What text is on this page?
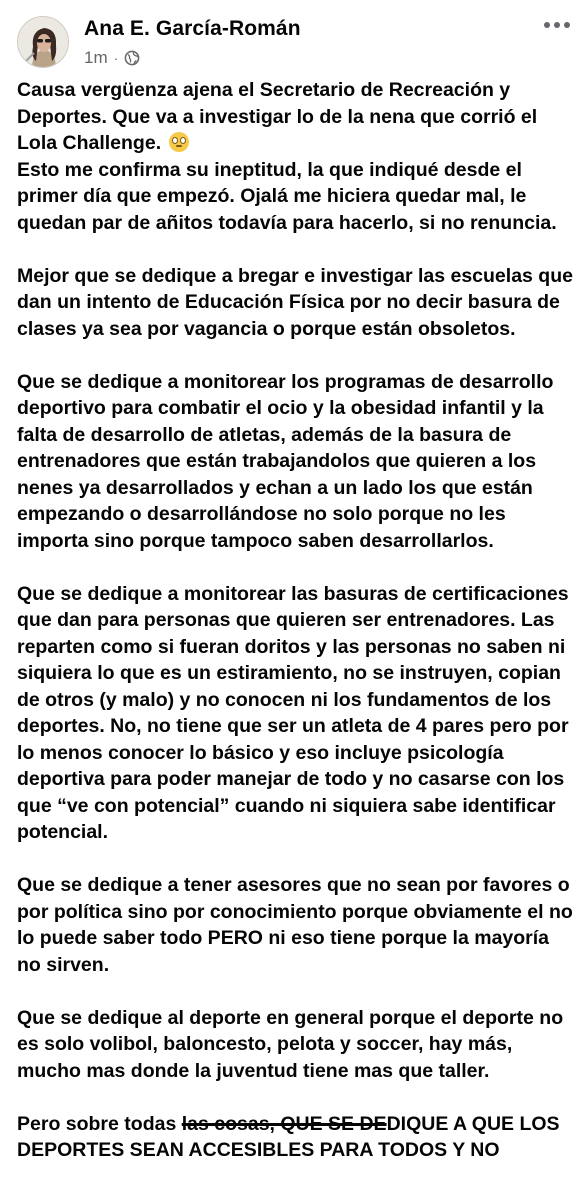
Ana E. García-Román
1m ·

Causa vergüenza ajena el Secretario de Recreación y Deportes. Que va a investigar lo de la nena que corrió el Lola Challenge.

Esto me confirma su ineptitud, la que indiqué desde el primer día que empezó. Ojalá me hiciera quedar mal, le quedan par de añitos todavía para hacerlo, si no renuncia.

Mejor que se dedique a bregar e investigar las escuelas que dan un intento de Educación Física por no decir basura de clases ya sea por vagancia o porque están obsoletos.

Que se dedique a monitorear los programas de desarrollo deportivo para combatir el ocio y la obesidad infantil y la falta de desarrollo de atletas, además de la basura de entrenadores que están trabajandolos que quieren a los nenes ya desarrollados y echan a un lado los que están empezando o desarrollándose no solo porque no les importa sino porque tampoco saben desarrollarlos.

Que se dedique a monitorear las basuras de certificaciones que dan para personas que quieren ser entrenadores. Las reparten como si fueran doritos y las personas no saben ni siquiera lo que es un estiramiento, no se instruyen, copian de otros (y malo) y no conocen ni los fundamentos de los deportes. No, no tiene que ser un atleta de 4 pares pero por lo menos conocer lo básico y eso incluye psicología deportiva para poder manejar de todo y no casarse con los que “ve con potencial” cuando ni siquiera sabe identificar potencial.

Que se dedique a tener asesores que no sean por favores o por política sino por conocimiento porque obviamente el no lo puede saber todo PERO ni eso tiene porque la mayoría no sirven.

Que se dedique al deporte en general porque el deporte no es solo volibol, baloncesto, pelota y soccer, hay más, mucho mas donde la juventud tiene mas que taller.

Pero sobre todas las cosas, QUE SE DEDIQUE A QUE LOS DEPORTES SEAN ACCESIBLES PARA TODOS Y NO
